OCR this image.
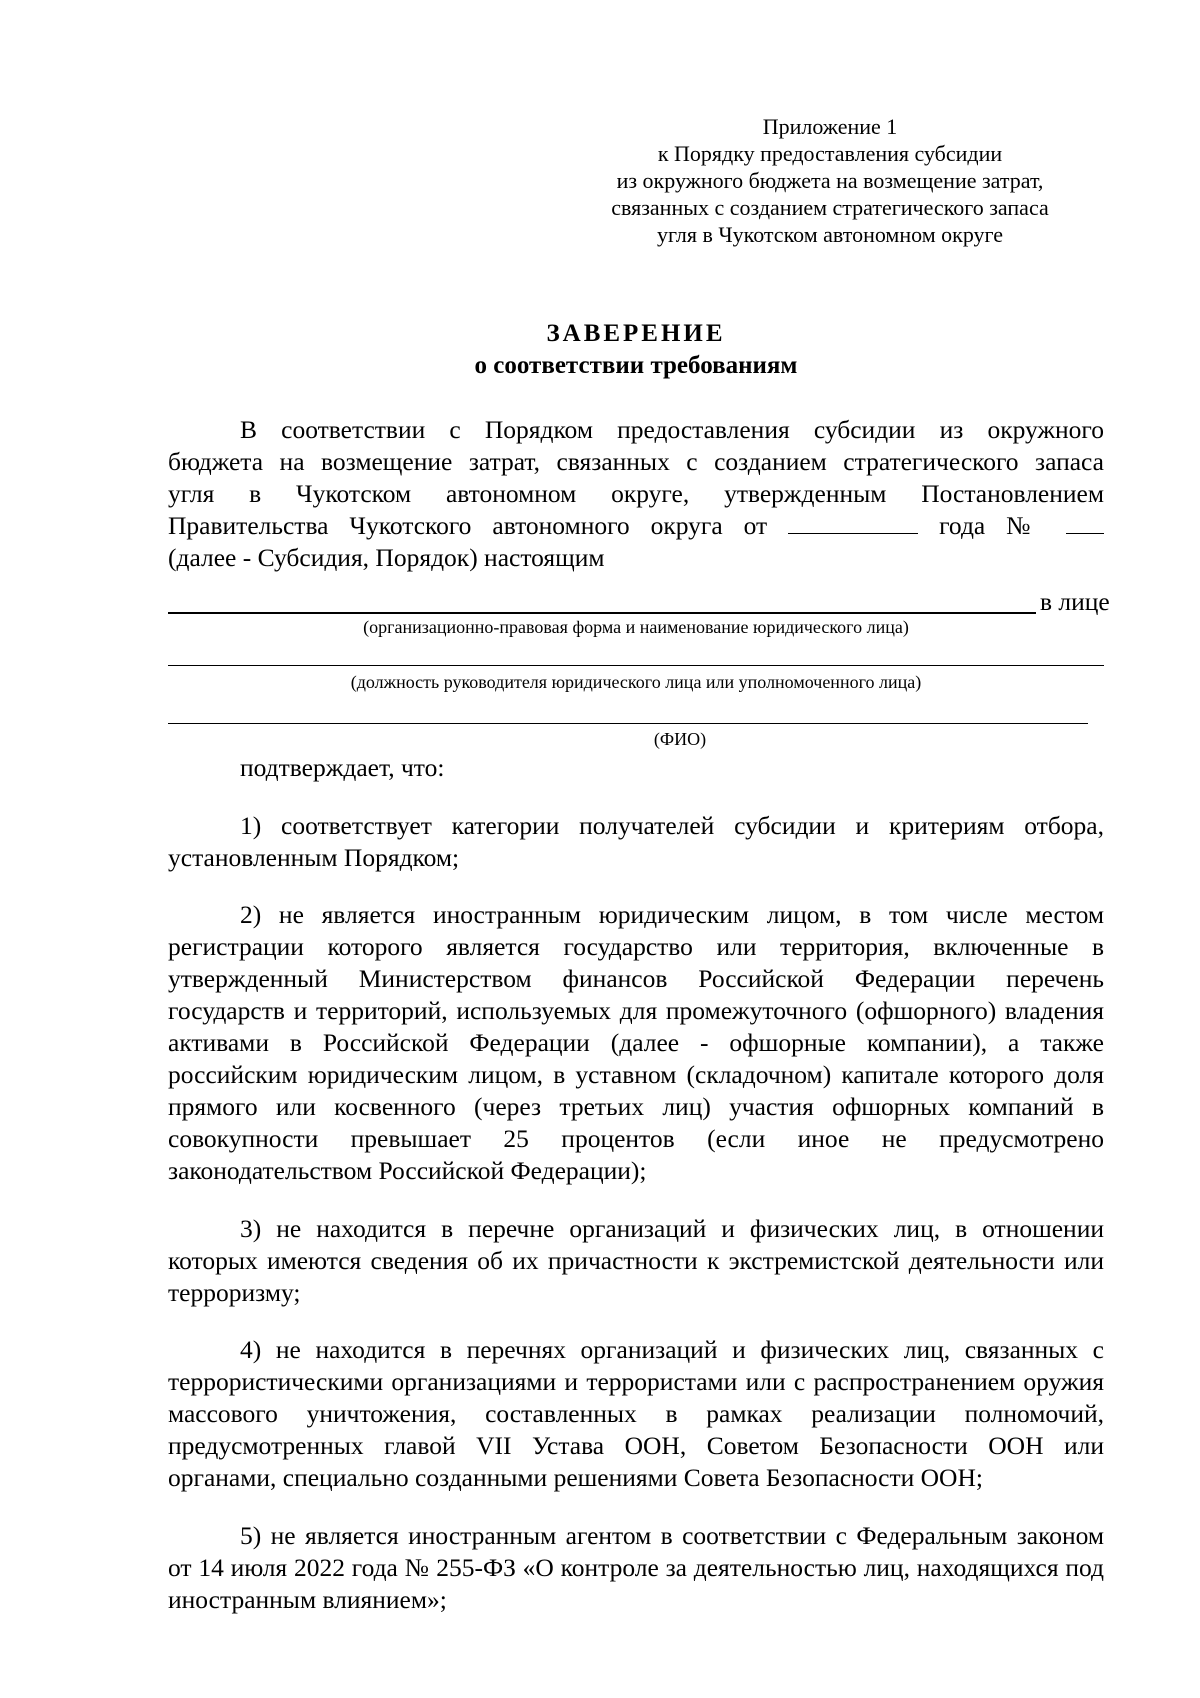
Приложение 1
к Порядку предоставления субсидии
из окружного бюджета на возмещение затрат,
связанных с созданием стратегического запаса
угля в Чукотском автономном округе
ЗАВЕРЕНИЕ
о соответствии требованиям
В соответствии с Порядком предоставления субсидии из окружного
бюджета на возмещение затрат, связанных с созданием стратегического запаса
угля в Чукотском автономном округе, утвержденным Постановлением
Правительства Чукотского автономного округа от	года №
(далее - Субсидия, Порядок) настоящим
в лице
(организационно-правовая форма и наименование юридического лица)
(должность руководителя юридического лица или уполномоченного лица)
(ФИО)
подтверждает, что:

1) соответствует категории получателей субсидии и критериям отбора, установленным Порядком;

2) не является иностранным юридическим лицом, в том числе местом регистрации которого является государство или территория, включенные в утвержденный Министерством финансов Российской Федерации перечень государств и территорий, используемых для промежуточного (офшорного) владения активами в Российской Федерации (далее - офшорные компании), а также российским юридическим лицом, в уставном (складочном) капитале которого доля прямого или косвенного (через третьих лиц) участия офшорных компаний в совокупности превышает 25 процентов (если иное не предусмотрено законодательством Российской Федерации);

3) не находится в перечне организаций и физических лиц, в отношении которых имеются сведения об их причастности к экстремистской деятельности или терроризму;

4) не находится в перечнях организаций и физических лиц, связанных с террористическими организациями и террористами или с распространением оружия массового уничтожения, составленных в рамках реализации полномочий, предусмотренных главой VII Устава ООН, Советом Безопасности ООН или органами, специально созданными решениями Совета Безопасности ООН;

5) не является иностранным агентом в соответствии с Федеральным законом от 14 июля 2022 года № 255-ФЗ «О контроле за деятельностью лиц, находящихся под иностранным влиянием»;
